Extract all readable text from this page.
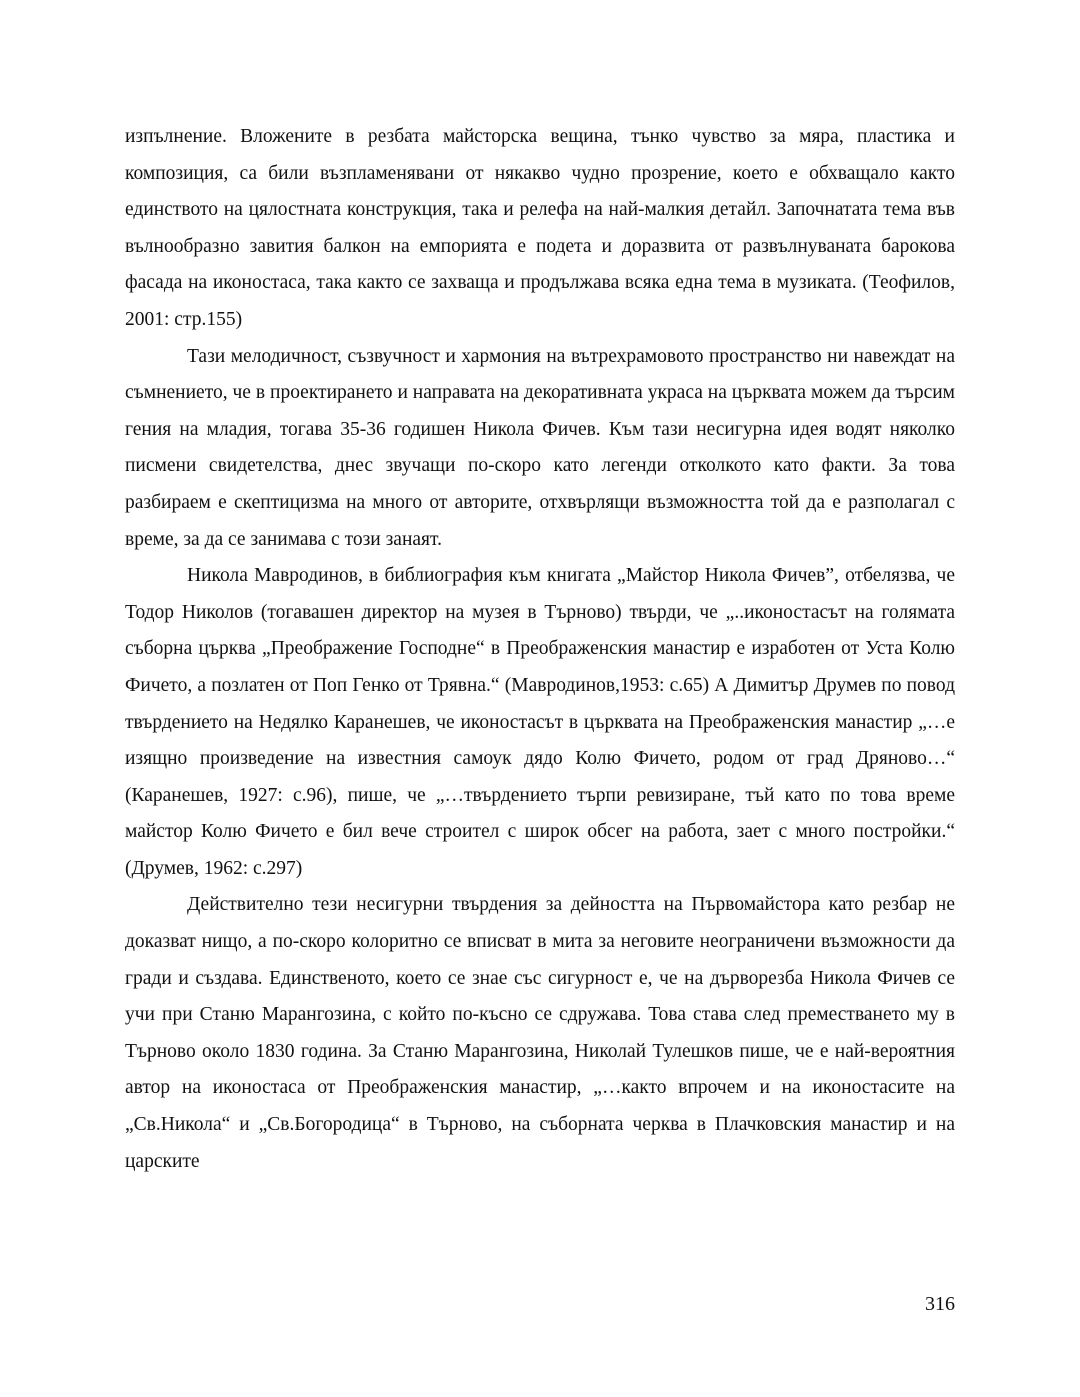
изпълнение. Вложените в резбата майсторска вещина, тънко чувство за мяра, пластика и композиция, са били възпламенявани от някакво чудно прозрение, което е обхващало както единството на цялостната конструкция, така и релефа на най-малкия детайл. Започнатата тема във вълнообразно завития балкон на емпорията е подета и доразвита от развълнуваната барокова фасада на иконостаса, така както се захваща и продължава всяка една тема в музиката. (Теофилов, 2001: стр.155)

Тази мелодичност, съзвучност и хармония на вътрехрамовото пространство ни навеждат на съмнението, че в проектирането и направата на декоративната украса на църквата можем да търсим гения на младия, тогава 35-36 годишен Никола Фичев. Към тази несигурна идея водят няколко писмени свидетелства, днес звучащи по-скоро като легенди отколкото като факти. За това разбираем е скептицизма на много от авторите, отхвърлящи възможността той да е разполагал с време, за да се занимава с този занаят.

Никола Мавродинов, в библиография към книгата „Майстор Никола Фичев”, отбелязва, че Тодор Николов (тогавашен директор на музея в Търново) твърди, че „..иконостасът на голямата съборна църква „Преображение Господне“ в Преображенския манастир е изработен от Уста Колю Фичето, а позлатен от Поп Генко от Трявна.“ (Мавродинов,1953: с.65) А Димитър Друмев по повод твърдението на Недялко Каранешев, че иконостасът в църквата на Преображенския манастир „…е изящно произведение на известния самоук дядо Колю Фичето, родом от град Дряново…“ (Каранешев, 1927: с.96), пише, че „…твърдението търпи ревизиране, тъй като по това време майстор Колю Фичето е бил вече строител с широк обсег на работа, зает с много постройки.“ (Друмев, 1962: с.297)

Действително тези несигурни твърдения за дейността на Първомайстора като резбар не доказват нищо, а по-скоро колоритно се вписват в мита за неговите неограничени възможности да гради и създава. Единственото, което се знае със сигурност е, че на дърворезба Никола Фичев се учи при Станю Марангозина, с който по-късно се сдружава. Това става след преместването му в Търново около 1830 година. За Станю Марангозина, Николай Тулешков пише, че е най-вероятния автор на иконостаса от Преображенския манастир, „…както впрочем и на иконостасите на „Св.Никола“ и „Св.Богородица“ в Търново, на съборната черква в Плачковския манастир и на царските

316
